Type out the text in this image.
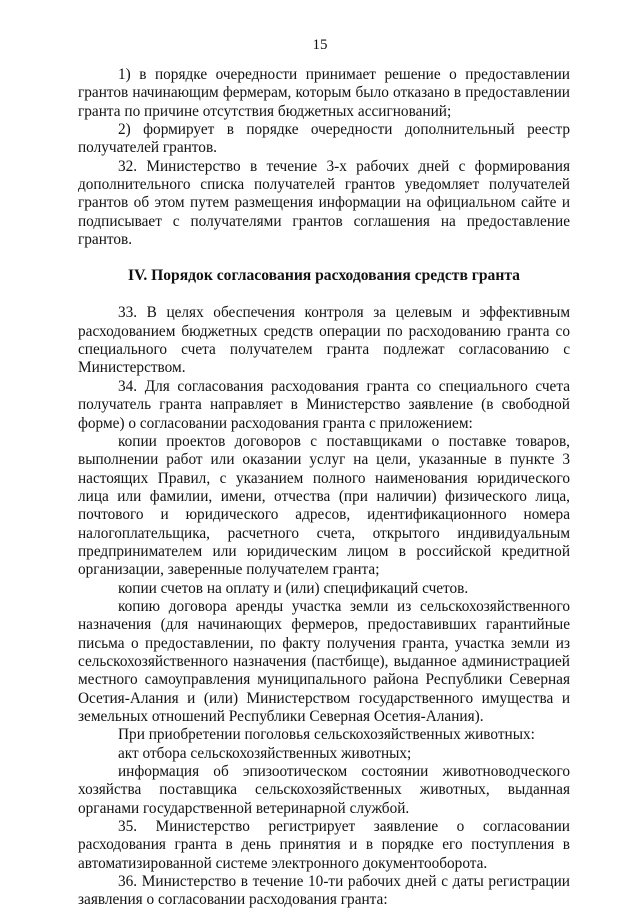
15

1) в порядке очередности принимает решение о предоставлении грантов начинающим фермерам, которым было отказано в предоставлении гранта по причине отсутствия бюджетных ассигнований;

2) формирует в порядке очередности дополнительный реестр получателей грантов.

32. Министерство в течение 3-х рабочих дней с формирования дополнительного списка получателей грантов уведомляет получателей грантов об этом путем размещения информации на официальном сайте и подписывает с получателями грантов соглашения на предоставление грантов.

IV. Порядок согласования расходования средств гранта

33. В целях обеспечения контроля за целевым и эффективным расходованием бюджетных средств операции по расходованию гранта со специального счета получателем гранта подлежат согласованию с Министерством.

34. Для согласования расходования гранта со специального счета получатель гранта направляет в Министерство заявление (в свободной форме) о согласовании расходования гранта с приложением:

копии проектов договоров с поставщиками о поставке товаров, выполнении работ или оказании услуг на цели, указанные в пункте 3 настоящих Правил, с указанием полного наименования юридического лица или фамилии, имени, отчества (при наличии) физического лица, почтового и юридического адресов, идентификационного номера налогоплательщика, расчетного счета, открытого индивидуальным предпринимателем или юридическим лицом в российской кредитной организации, заверенные получателем гранта;

копии счетов на оплату и (или) спецификаций счетов.

копию договора аренды участка земли из сельскохозяйственного назначения (для начинающих фермеров, предоставивших гарантийные письма о предоставлении, по факту получения гранта, участка земли из сельскохозяйственного назначения (пастбище), выданное администрацией местного самоуправления муниципального района Республики Северная Осетия-Алания и (или) Министерством государственного имущества и земельных отношений Республики Северная Осетия-Алания).

При приобретении поголовья сельскохозяйственных животных:

акт отбора сельскохозяйственных животных;

информация об эпизоотическом состоянии животноводческого хозяйства поставщика сельскохозяйственных животных, выданная органами государственной ветеринарной службой.

35. Министерство регистрирует заявление о согласовании расходования гранта в день принятия и в порядке его поступления в автоматизированной системе электронного документооборота.

36. Министерство в течение 10-ти рабочих дней с даты регистрации заявления о согласовании расходования гранта:
